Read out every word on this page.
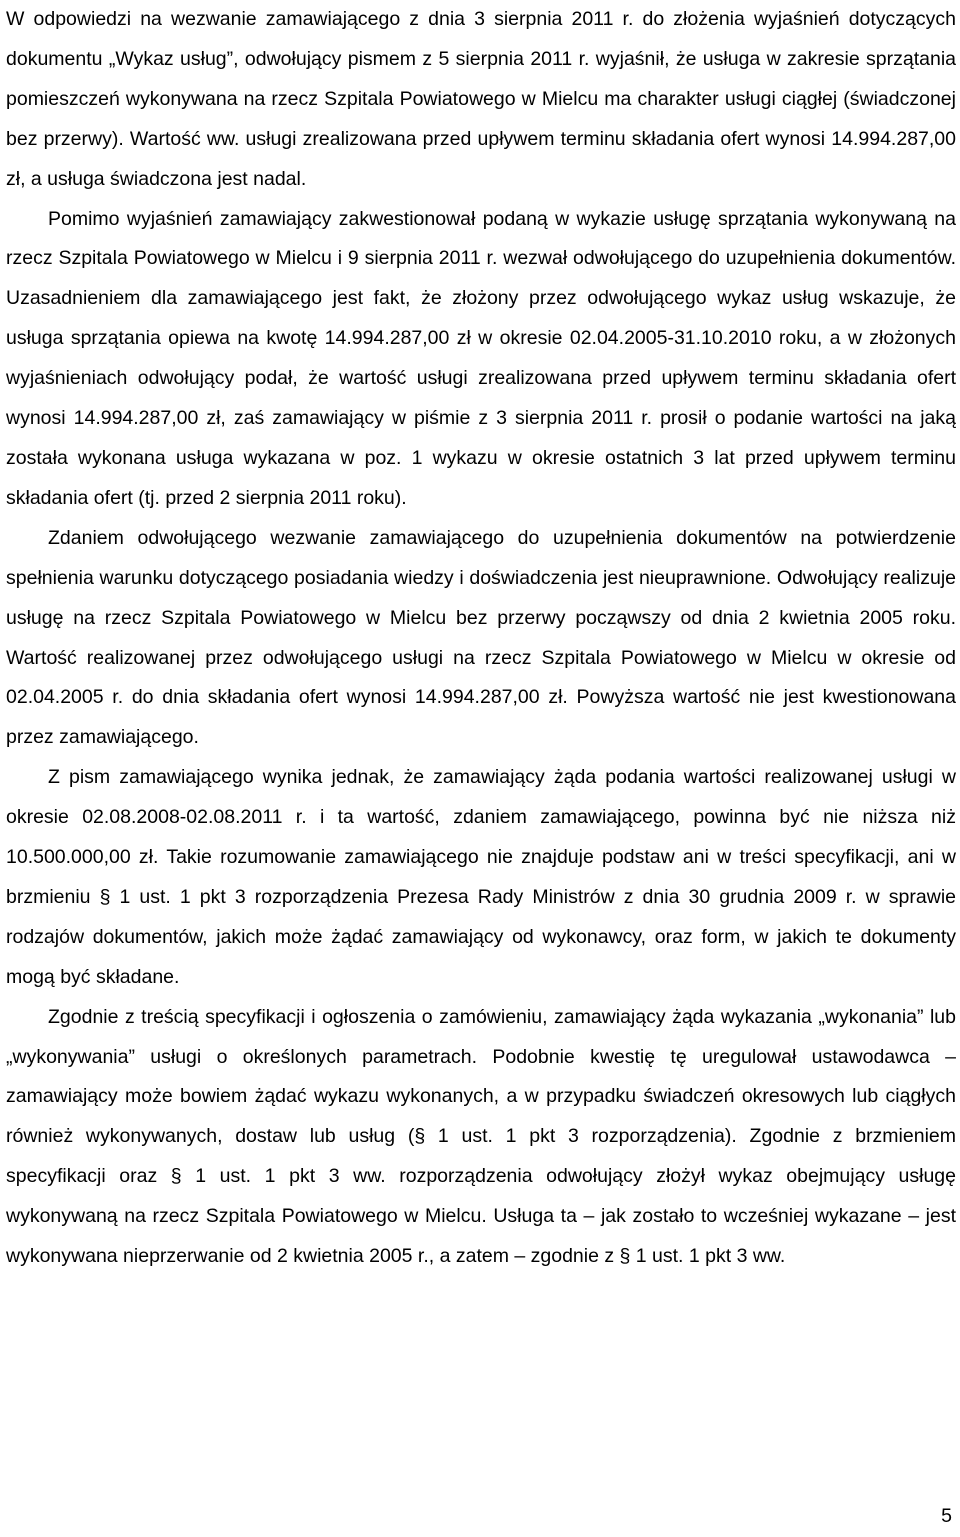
W odpowiedzi na wezwanie zamawiającego z dnia 3 sierpnia 2011 r. do złożenia wyjaśnień dotyczących dokumentu „Wykaz usług”, odwołujący pismem z 5 sierpnia 2011 r. wyjaśnił, że usługa w zakresie sprzątania pomieszczeń wykonywana na rzecz Szpitala Powiatowego w Mielcu ma charakter usługi ciągłej (świadczonej bez przerwy). Wartość ww. usługi zrealizowana przed upływem terminu składania ofert wynosi 14.994.287,00 zł, a usługa świadczona jest nadal.

Pomimo wyjaśnień zamawiający zakwestionował podaną w wykazie usługę sprzątania wykonywaną na rzecz Szpitala Powiatowego w Mielcu i 9 sierpnia 2011 r. wezwał odwołującego do uzupełnienia dokumentów. Uzasadnieniem dla zamawiającego jest fakt, że złożony przez odwołującego wykaz usług wskazuje, że usługa sprzątania opiewa na kwotę 14.994.287,00 zł w okresie 02.04.2005-31.10.2010 roku, a w złożonych wyjaśnieniach odwołujący podał, że wartość usługi zrealizowana przed upływem terminu składania ofert wynosi 14.994.287,00 zł, zaś zamawiający w piśmie z 3 sierpnia 2011 r. prosił o podanie wartości na jaką została wykonana usługa wykazana w poz. 1 wykazu w okresie ostatnich 3 lat przed upływem terminu składania ofert (tj. przed 2 sierpnia 2011 roku).

Zdaniem odwołującego wezwanie zamawiającego do uzupełnienia dokumentów na potwierdzenie spełnienia warunku dotyczącego posiadania wiedzy i doświadczenia jest nieuprawnione. Odwołujący realizuje usługę na rzecz Szpitala Powiatowego w Mielcu bez przerwy począwszy od dnia 2 kwietnia 2005 roku. Wartość realizowanej przez odwołującego usługi na rzecz Szpitala Powiatowego w Mielcu w okresie od 02.04.2005 r. do dnia składania ofert wynosi 14.994.287,00 zł. Powyższa wartość nie jest kwestionowana przez zamawiającego.

Z pism zamawiającego wynika jednak, że zamawiający żąda podania wartości realizowanej usługi w okresie 02.08.2008-02.08.2011 r. i ta wartość, zdaniem zamawiającego, powinna być nie niższa niż 10.500.000,00 zł. Takie rozumowanie zamawiającego nie znajduje podstaw ani w treści specyfikacji, ani w brzmieniu § 1 ust. 1 pkt 3 rozporządzenia Prezesa Rady Ministrów z dnia 30 grudnia 2009 r. w sprawie rodzajów dokumentów, jakich może żądać zamawiający od wykonawcy, oraz form, w jakich te dokumenty mogą być składane.

Zgodnie z treścią specyfikacji i ogłoszenia o zamówieniu, zamawiający żąda wykazania „wykonania” lub „wykonywania” usługi o określonych parametrach. Podobnie kwestię tę uregulował ustawodawca – zamawiający może bowiem żądać wykazu wykonanych, a w przypadku świadczeń okresowych lub ciągłych również wykonywanych, dostaw lub usług (§ 1 ust. 1 pkt 3 rozporządzenia). Zgodnie z brzmieniem specyfikacji oraz § 1 ust. 1 pkt 3 ww. rozporządzenia odwołujący złożył wykaz obejmujący usługę wykonywaną na rzecz Szpitala Powiatowego w Mielcu. Usługa ta – jak zostało to wcześniej wykazane – jest wykonywana nieprzerwanie od 2 kwietnia 2005 r., a zatem – zgodnie z § 1 ust. 1 pkt 3 ww.

5
